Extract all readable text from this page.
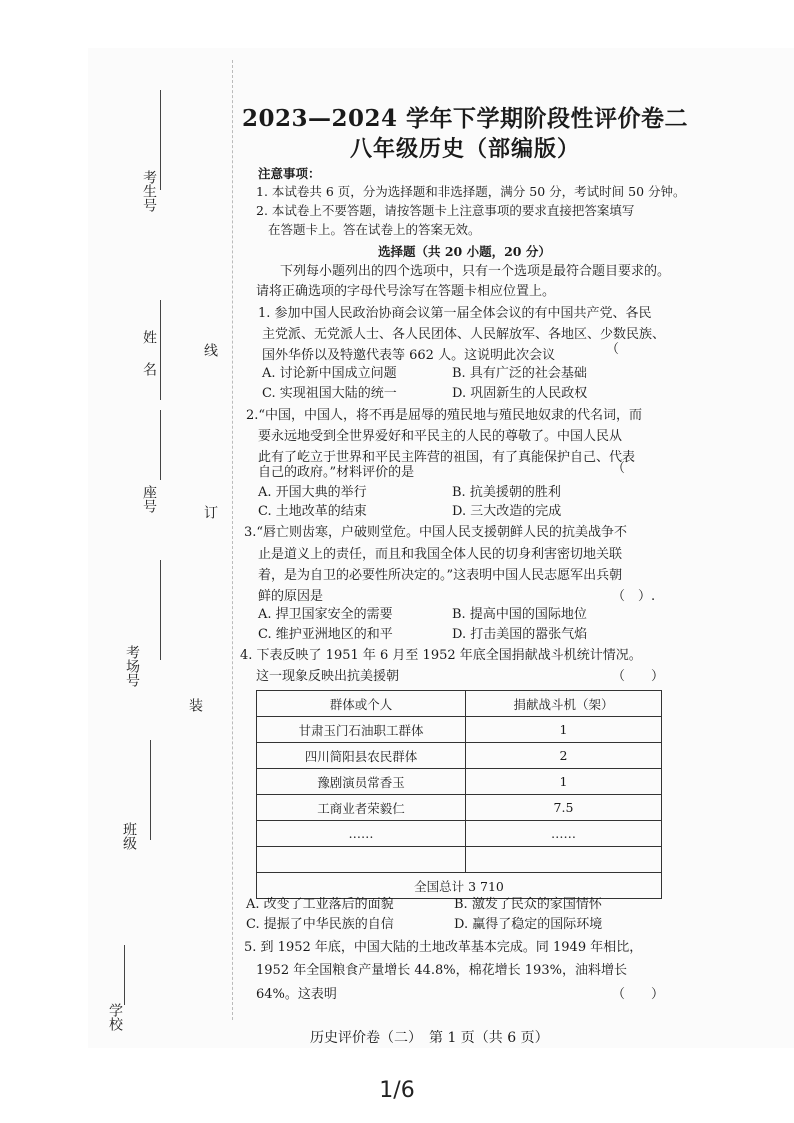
考生号
姓名
座号
考场号
班级
学校
线
订
装
2023—2024 学年下学期阶段性评价卷二
八年级历史（部编版）
注意事项：
1. 本试卷共 6 页，分为选择题和非选择题，满分 50 分，考试时间 50 分钟。
2. 本试卷上不要答题，请按答题卡上注意事项的要求直接把答案填写
在答题卡上。答在试卷上的答案无效。
选择题（共 20 小题，20 分）
下列每小题列出的四个选项中，只有一个选项是最符合题目要求的。
请将正确选项的字母代号涂写在答题卡相应位置上。
1. 参加中国人民政治协商会议第一届全体会议的有中国共产党、各民
主党派、无党派人士、各人民团体、人民解放军、各地区、少数民族、
国外华侨以及特邀代表等 662 人。这说明此次会议	（
A. 讨论新中国成立问题	B. 具有广泛的社会基础
C. 实现祖国大陆的统一	D. 巩固新生的人民政权
2.“中国，中国人，将不再是屈辱的殖民地与殖民地奴隶的代名词，而
要永远地受到全世界爱好和平民主的人民的尊敬了。中国人民从
此有了屹立于世界和平民主阵营的祖国，有了真能保护自己、代表
自己的政府。”材料评价的是	（
A. 开国大典的举行	B. 抗美援朝的胜利
C. 土地改革的结束	D. 三大改造的完成
3.“唇亡则齿寒，户破则堂危。中国人民支援朝鲜人民的抗美战争不
止是道义上的责任，而且和我国全体人民的切身利害密切地关联
着，是为自卫的必要性所决定的。”这表明中国人民志愿军出兵朝
鲜的原因是	（　）.
A. 捍卫国家安全的需要	B. 提高中国的国际地位
C. 维护亚洲地区的和平	D. 打击美国的嚣张气焰
4. 下表反映了 1951 年 6 月至 1952 年底全国捐献战斗机统计情况。
这一现象反映出抗美援朝	（　　）
群体或个人	捐献战斗机（架）
甘肃玉门石油职工群体	1
四川简阳县农民群体	2
豫剧演员常香玉	1
工商业者荣毅仁	7.5
……	……

全国总计 3 710	
A. 改变了工业落后的面貌	B. 激发了民众的家国情怀
C. 提振了中华民族的自信	D. 赢得了稳定的国际环境
5. 到 1952 年底，中国大陆的土地改革基本完成。同 1949 年相比，
1952 年全国粮食产量增长 44.8%，棉花增长 193%，油料增长
64%。这表明	（　　）
历史评价卷（二）　第 1 页（共 6 页）
1/6
